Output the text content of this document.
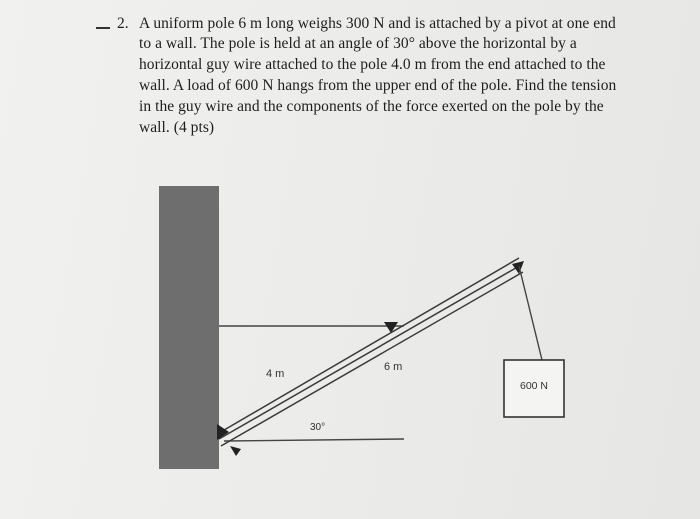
2. A uniform pole 6 m long weighs 300 N and is attached by a pivot at one end
to a wall. The pole is held at an angle of 30° above the horizontal by a
horizontal guy wire attached to the pole 4.0 m from the end attached to the
wall. A load of 600 N hangs from the upper end of the pole. Find the tension
in the guy wire and the components of the force exerted on the pole by the
wall. (4 pts)
600 N
4 m
6 m
30°
